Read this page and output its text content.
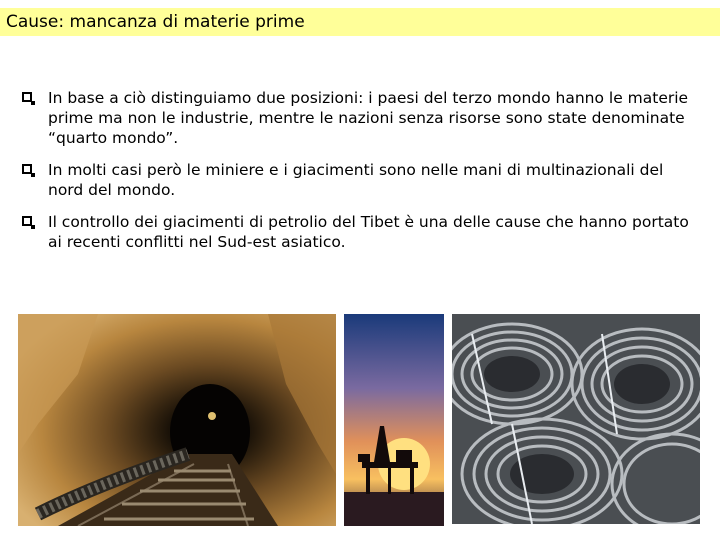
Cause: mancanza di materie prime
In base a ciò distinguiamo due posizioni: i paesi del terzo mondo hanno le materie prime ma non le industrie, mentre le nazioni senza risorse sono state denominate “quarto mondo”.
In molti casi però le miniere e i giacimenti sono nelle mani di multinazionali del nord del mondo.
Il controllo dei giacimenti di petrolio del Tibet è una delle cause che hanno portato ai recenti conflitti nel Sud-est asiatico.
